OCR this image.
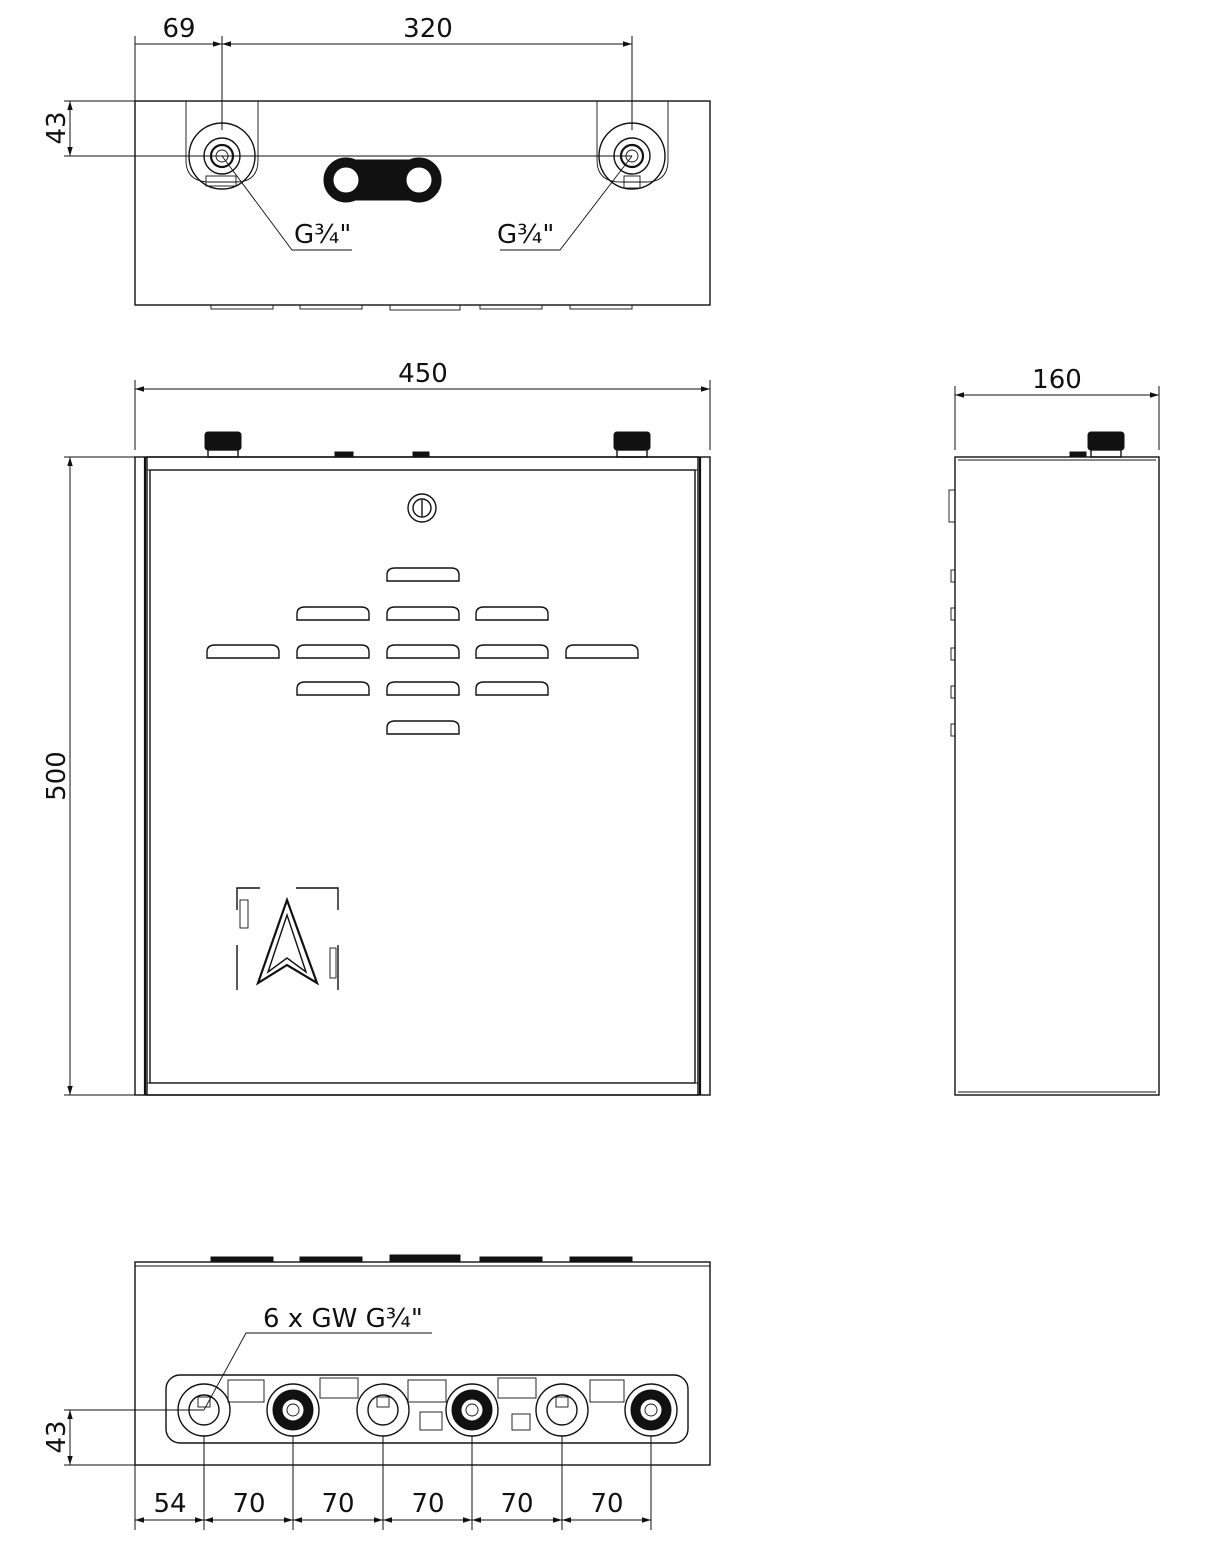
G¾"	G¾"
69	320
43
450
500
160
6 x GW G¾"
43
54 70 70 70 70 70
